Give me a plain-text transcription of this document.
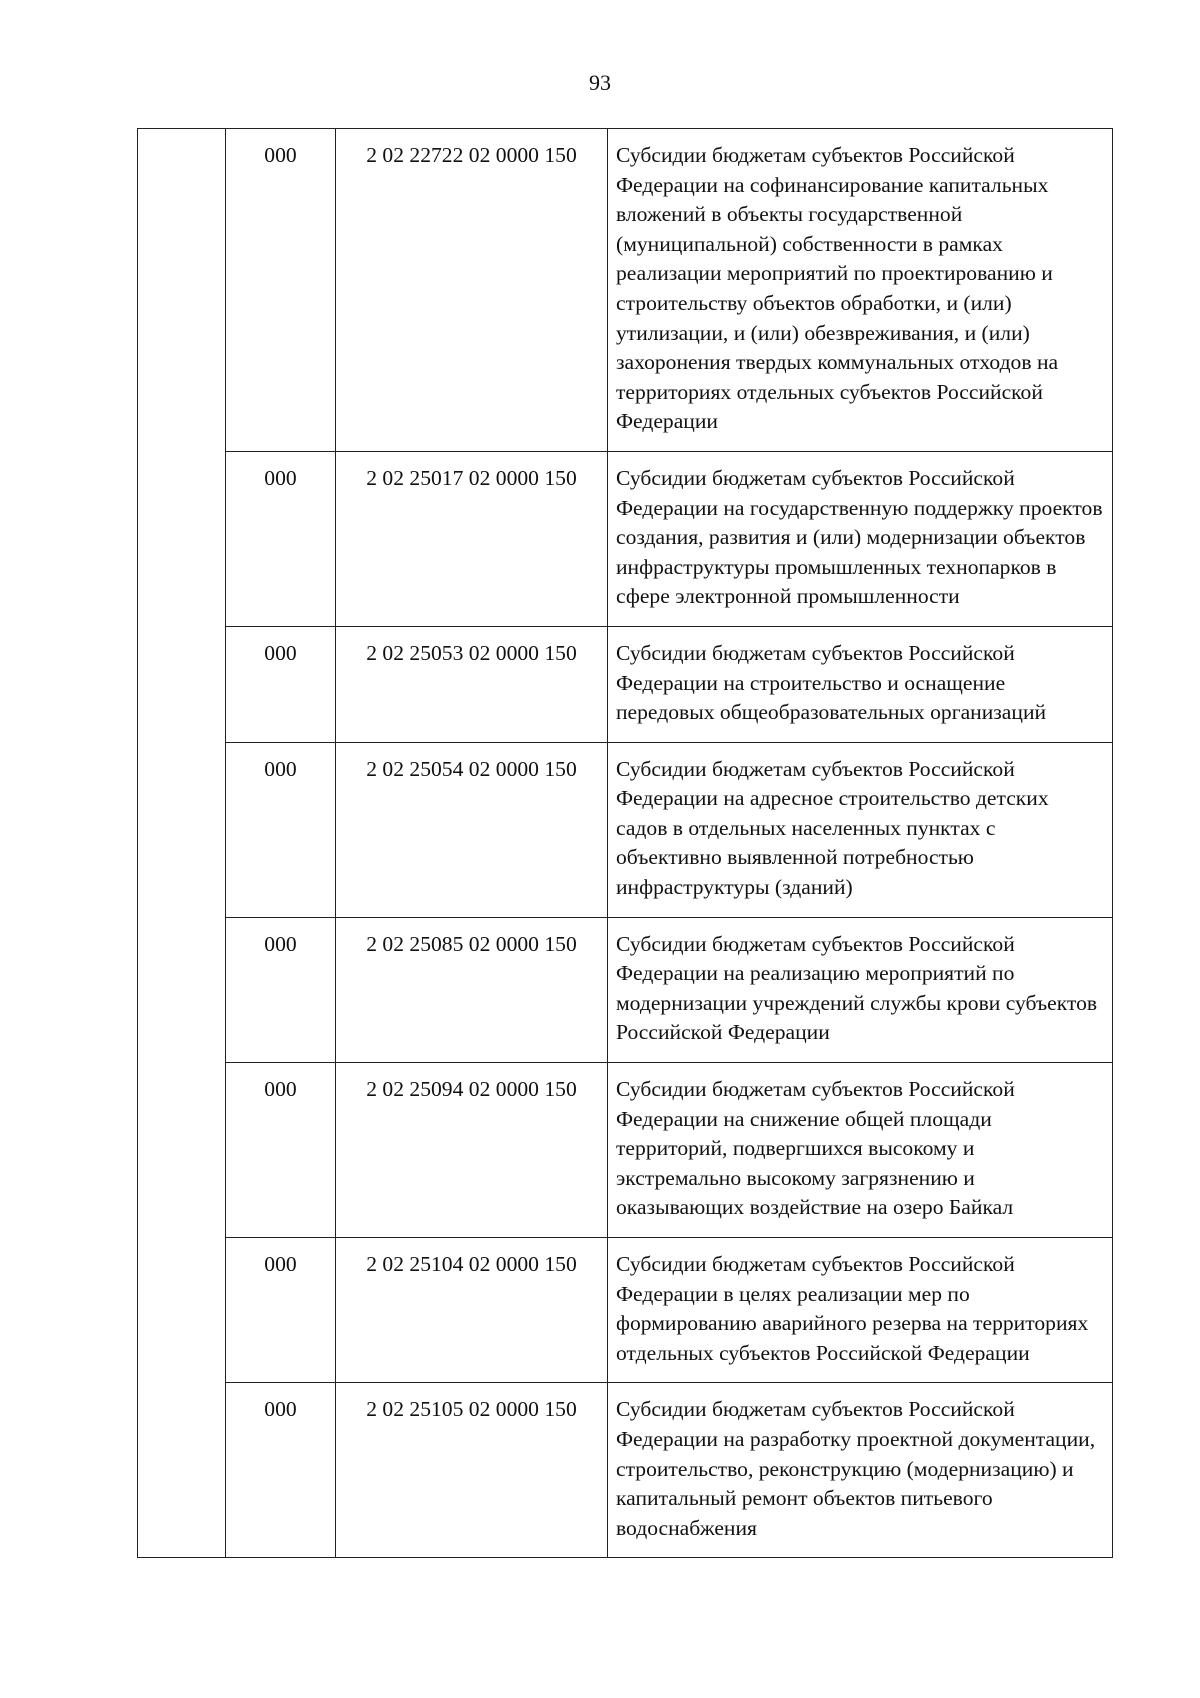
93
	000	2 02 22722 02 0000 150	Субсидии бюджетам субъектов Российской Федерации на софинансирование капитальных вложений в объекты государственной (муниципальной) собственности в рамках реализации мероприятий по проектированию и строительству объектов обработки, и (или) утилизации, и (или) обезвреживания, и (или) захоронения твердых коммунальных отходов на территориях отдельных субъектов Российской Федерации
	000	2 02 25017 02 0000 150	Субсидии бюджетам субъектов Российской Федерации на государственную поддержку проектов создания, развития и (или) модернизации объектов инфраструктуры промышленных технопарков в сфере электронной промышленности
	000	2 02 25053 02 0000 150	Субсидии бюджетам субъектов Российской Федерации на строительство и оснащение передовых общеобразовательных организаций
	000	2 02 25054 02 0000 150	Субсидии бюджетам субъектов Российской Федерации на адресное строительство детских садов в отдельных населенных пунктах с объективно выявленной потребностью инфраструктуры (зданий)
	000	2 02 25085 02 0000 150	Субсидии бюджетам субъектов Российской Федерации на реализацию мероприятий по модернизации учреждений службы крови субъектов Российской Федерации
	000	2 02 25094 02 0000 150	Субсидии бюджетам субъектов Российской Федерации на снижение общей площади территорий, подвергшихся высокому и экстремально высокому загрязнению и оказывающих воздействие на озеро Байкал
	000	2 02 25104 02 0000 150	Субсидии бюджетам субъектов Российской Федерации в целях реализации мер по формированию аварийного резерва на территориях отдельных субъектов Российской Федерации
	000	2 02 25105 02 0000 150	Субсидии бюджетам субъектов Российской Федерации на разработку проектной документации, строительство, реконструкцию (модернизацию) и капитальный ремонт объектов питьевого водоснабжения
